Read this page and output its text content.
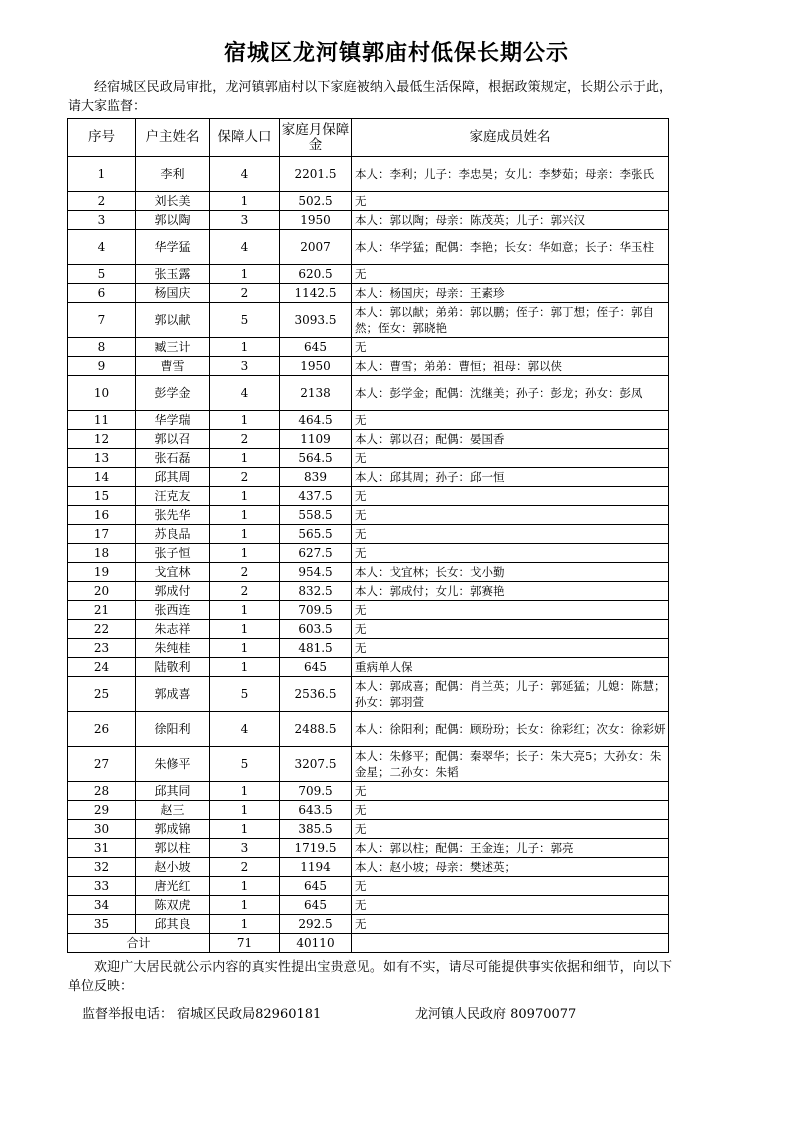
宿城区龙河镇郭庙村低保长期公示
经宿城区民政局审批，龙河镇郭庙村以下家庭被纳入最低生活保障，根据政策规定，长期公示于此，请大家监督：
序号	户主姓名	保障人口	家庭月保障 金	家庭成员姓名
1	李利	4	2201.5	本人：李利；儿子：李忠昊；女儿：李梦茹；母亲：李张氏
2	刘长美	1	502.5	无
3	郭以陶	3	1950	本人：郭以陶；母亲：陈茂英；儿子：郭兴汉
4	华学猛	4	2007	本人：华学猛；配偶：李艳；长女：华如意；长子：华玉柱
5	张玉露	1	620.5	无
6	杨国庆	2	1142.5	本人：杨国庆；母亲：王素珍
7	郭以献	5	3093.5	本人：郭以献；弟弟：郭以鹏；侄子：郭丁想；侄子：郭自然；侄女：郭晓艳
8	臧三计	1	645	无
9	曹雪	3	1950	本人：曹雪；弟弟：曹恒；祖母：郭以侠
10	彭学金	4	2138	本人：彭学金；配偶：沈继美；孙子：彭龙；孙女：彭凤
11	华学瑞	1	464.5	无
12	郭以召	2	1109	本人：郭以召；配偶：晏国香
13	张石磊	1	564.5	无
14	邱其周	2	839	本人：邱其周；孙子：邱一恒
15	汪克友	1	437.5	无
16	张先华	1	558.5	无
17	苏良品	1	565.5	无
18	张子恒	1	627.5	无
19	戈宜林	2	954.5	本人：戈宜林；长女：戈小勤
20	郭成付	2	832.5	本人：郭成付；女儿：郭赛艳
21	张西连	1	709.5	无
22	朱志祥	1	603.5	无
23	朱纯桂	1	481.5	无
24	陆敬利	1	645	重病单人保
25	郭成喜	5	2536.5	本人：郭成喜；配偶：肖兰英；儿子：郭延猛；儿媳：陈慧；孙女：郭羽萱
26	徐阳利	4	2488.5	本人：徐阳利；配偶：顾玢玢；长女：徐彩红；次女：徐彩妍
27	朱修平	5	3207.5	本人：朱修平；配偶：秦翠华；长子：朱大亮5；大孙女：朱金星；二孙女：朱韬
28	邱其同	1	709.5	无
29	赵三	1	643.5	无
30	郭成锦	1	385.5	无
31	郭以柱	3	1719.5	本人：郭以柱；配偶：王金连；儿子：郭亮
32	赵小坡	2	1194	本人：赵小坡；母亲：樊述英；
33	唐光红	1	645	无
34	陈双虎	1	645	无
35	邱其良	1	292.5	无
合计		71	40110	
欢迎广大居民就公示内容的真实性提出宝贵意见。如有不实，请尽可能提供事实依据和细节，向以下单位反映：
监督举报电话： 宿城区民政局82960181	龙河镇人民政府 80970077
